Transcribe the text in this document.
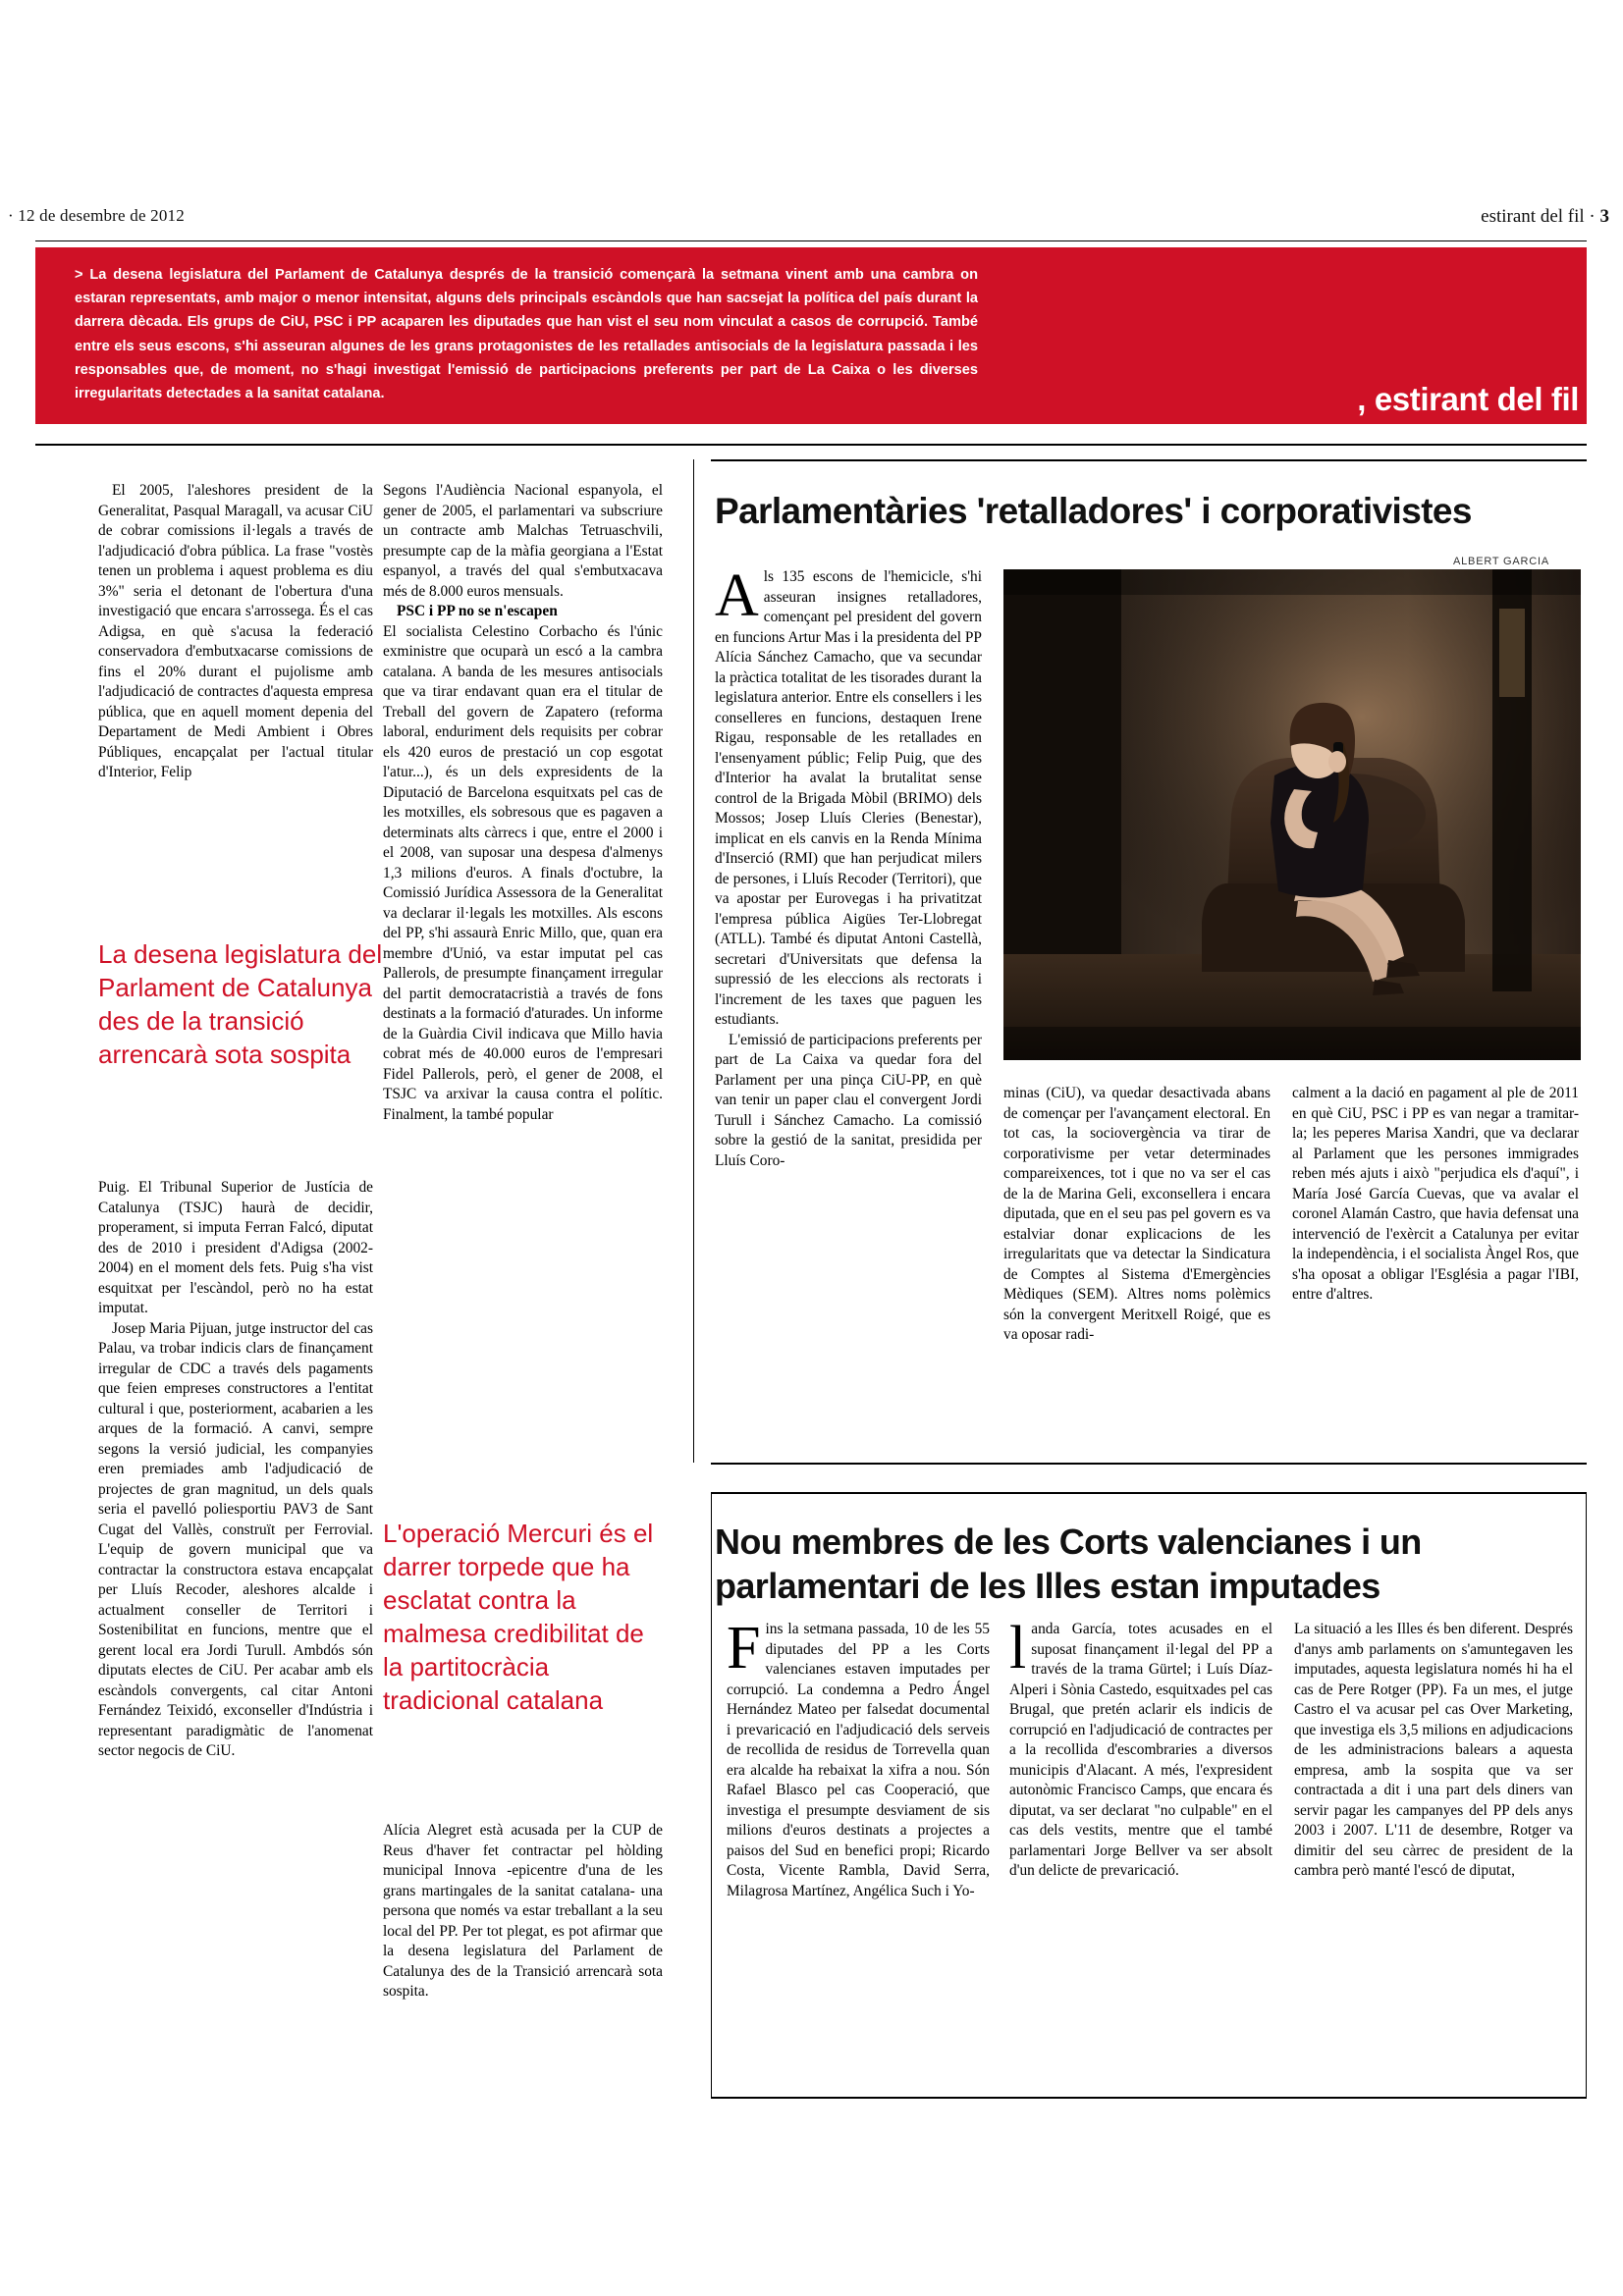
· 12 de desembre de 2012	estirant del fil · 3
> La desena legislatura del Parlament de Catalunya després de la transició començarà la setmana vinent amb una cambra on estaran representats, amb major o menor intensitat, alguns dels principals escàndols que han sacsejat la política del país durant la darrera dècada. Els grups de CiU, PSC i PP acaparen les diputades que han vist el seu nom vinculat a casos de corrupció. També entre els seus escons, s'hi asseuran algunes de les grans protagonistes de les retallades antisocials de la legislatura passada i les responsables que, de moment, no s'hagi investigat l'emissió de participacions preferents per part de La Caixa o les diverses irregularitats detectades a la sanitat catalana.	, estirant del fil

El 2005, l'aleshores president de la Generalitat, Pasqual Maragall, va acusar CiU de cobrar comissions il·legals a través de l'adjudicació d'obra pública. La frase "vostès tenen un problema i aquest problema es diu 3%" seria el detonant de l'obertura d'una investigació que encara s'arrossega. És el cas Adigsa, en què s'acusa la federació conservadora d'embutxacarse comissions de fins el 20% durant el pujolisme amb l'adjudicació de contractes d'aquesta empresa pública, que en aquell moment depenia del Departament de Medi Ambient i Obres Públiques, encapçalat per l'actual titular d'Interior, Felip

La desena legislatura del Parlament de Catalunya des de la transició arrencarà sota sospita

Puig. El Tribunal Superior de Justícia de Catalunya (TSJC) haurà de decidir, properament, si imputa Ferran Falcó, diputat des de 2010 i president d'Adigsa (2002-2004) en el moment dels fets. Puig s'ha vist esquitxat per l'escàndol, però no ha estat imputat.

Josep Maria Pijuan, jutge instructor del cas Palau, va trobar indicis clars de finançament irregular de CDC a través dels pagaments que feien empreses constructores a l'entitat cultural i que, posteriorment, acabarien a les arques de la formació. A canvi, sempre segons la versió judicial, les companyies eren premiades amb l'adjudicació de projectes de gran magnitud, un dels quals seria el pavelló poliesportiu PAV3 de Sant Cugat del Vallès, construït per Ferrovial. L'equip de govern municipal que va contractar la constructora estava encapçalat per Lluís Recoder, aleshores alcalde i actualment conseller de Territori i Sostenibilitat en funcions, mentre que el gerent local era Jordi Turull. Ambdós són diputats electes de CiU. Per acabar amb els escàndols convergents, cal citar Antoni Fernández Teixidó, exconseller d'Indústria i representant paradigmàtic de l'anomenat sector negocis de CiU.

Segons l'Audiència Nacional espanyola, el gener de 2005, el parlamentari va subscriure un contracte amb Malchas Tetruaschvili, presumpte cap de la màfia georgiana a l'Estat espanyol, a través del qual s'embutxacava més de 8.000 euros mensuals.

PSC i PP no se n'escapen

El socialista Celestino Corbacho és l'únic exministre que ocuparà un escó a la cambra catalana. A banda de les mesures antisocials que va tirar endavant quan era el titular de Treball del govern de Zapatero (reforma laboral, enduriment dels requisits per cobrar els 420 euros de prestació un cop esgotat l'atur...), és un dels expresidents de la Diputació de Barcelona esquitxats pel cas de les motxilles, els sobresous que es pagaven a determinats alts càrrecs i que, entre el 2000 i el 2008, van suposar una despesa d'almenys 1,3 milions d'euros. A finals d'octubre, la Comissió Jurídica Assessora de la Generalitat va declarar il·legals les motxilles. Als escons del PP, s'hi assaurà Enric Millo, que, quan era membre d'Unió, va estar imputat pel cas Pallerols, de presumpte finançament irregular del partit democratacristià a través de fons destinats a la formació d'aturades. Un informe de la Guàrdia Civil indicava que Millo havia cobrat més de 40.000 euros de l'empresari Fidel Pallerols, però, el gener de 2008, el TSJC va arxivar la causa contra el polític. Finalment, la també popular

L'operació Mercuri és el darrer torpede que ha esclatat contra la malmesa credibilitat de la partitocràcia tradicional catalana

Alícia Alegret està acusada per la CUP de Reus d'haver fet contractar pel hòlding municipal Innova -epicentre d'una de les grans martingales de la sanitat catalana- una persona que només va estar treballant a la seu local del PP. Per tot plegat, es pot afirmar que la desena legislatura del Parlament de Catalunya des de la Transició arrencarà sota sospita.

Parlamentàries 'retalladores' i corporativistes
ALBERT GARCIA

Als 135 escons de l'hemicicle, s'hi asseuran insignes retalladores, començant pel president del govern en funcions Artur Mas i la presidenta del PP Alícia Sánchez Camacho, que va secundar la pràctica totalitat de les tisorades durant la legislatura anterior. Entre els consellers i les conselleres en funcions, destaquen Irene Rigau, responsable de les retallades en l'ensenyament públic; Felip Puig, que des d'Interior ha avalat la brutalitat sense control de la Brigada Mòbil (BRIMO) dels Mossos; Josep Lluís Cleries (Benestar), implicat en els canvis en la Renda Mínima d'Inserció (RMI) que han perjudicat milers de persones, i Lluís Recoder (Territori), que va apostar per Eurovegas i ha privatitzat l'empresa pública Aigües Ter-Llobregat (ATLL). També és diputat Antoni Castellà, secretari d'Universitats que defensa la supressió de les eleccions als rectorats i l'increment de les taxes que paguen les estudiants.

L'emissió de participacions preferents per part de La Caixa va quedar fora del Parlament per una pinça CiU-PP, en què van tenir un paper clau el convergent Jordi Turull i Sánchez Camacho. La comissió sobre la gestió de la sanitat, presidida per Lluís Coro-

minas (CiU), va quedar desactivada abans de començar per l'avançament electoral. En tot cas, la sociovergència va tirar de corporativisme per vetar determinades compareixences, tot i que no va ser el cas de la de Marina Geli, exconsellera i encara diputada, que en el seu pas pel govern es va estalviar donar explicacions de les irregularitats que va detectar la Sindicatura de Comptes al Sistema d'Emergències Mèdiques (SEM). Altres noms polèmics són la convergent Meritxell Roigé, que es va oposar radi-

calment a la dació en pagament al ple de 2011 en què CiU, PSC i PP es van negar a tramitar-la; les peperes Marisa Xandri, que va declarar al Parlament que les persones immigrades reben més ajuts i això "perjudica els d'aquí", i María José García Cuevas, que va avalar el coronel Alamán Castro, que havia defensat una intervenció de l'exèrcit a Catalunya per evitar la independència, i el socialista Àngel Ros, que s'ha oposat a obligar l'Església a pagar l'IBI, entre d'altres.

Nou membres de les Corts valencianes i un parlamentari de les Illes estan imputades

Fins la setmana passada, 10 de les 55 diputades del PP a les Corts valencianes estaven imputades per corrupció. La condemna a Pedro Ángel Hernández Mateo per falsedat documental i prevaricació en l'adjudicació dels serveis de recollida de residus de Torrevella quan era alcalde ha rebaixat la xifra a nou. Són Rafael Blasco pel cas Cooperació, que investiga el presumpte desviament de sis milions d'euros destinats a projectes a paisos del Sud en benefici propi; Ricardo Costa, Vicente Rambla, David Serra, Milagrosa Martínez, Angélica Such i Yo-

landa García, totes acusades en el suposat finançament il·legal del PP a través de la trama Gürtel; i Luís Díaz-Alperi i Sònia Castedo, esquitxades pel cas Brugal, que pretén aclarir els indicis de corrupció en l'adjudicació de contractes per a la recollida d'escombraries a diversos municipis d'Alacant. A més, l'expresident autonòmic Francisco Camps, que encara és diputat, va ser declarat "no culpable" en el cas dels vestits, mentre que el també parlamentari Jorge Bellver va ser absolt d'un delicte de prevaricació.

La situació a les Illes és ben diferent. Després d'anys amb parlaments on s'amuntegaven les imputades, aquesta legislatura només hi ha el cas de Pere Rotger (PP). Fa un mes, el jutge Castro el va acusar pel cas Over Marketing, que investiga els 3,5 milions en adjudicacions de les administracions balears a aquesta empresa, amb la sospita que va ser contractada a dit i una part dels diners van servir pagar les campanyes del PP dels anys 2003 i 2007. L'11 de desembre, Rotger va dimitir del seu càrrec de president de la cambra però manté l'escó de diputat,
